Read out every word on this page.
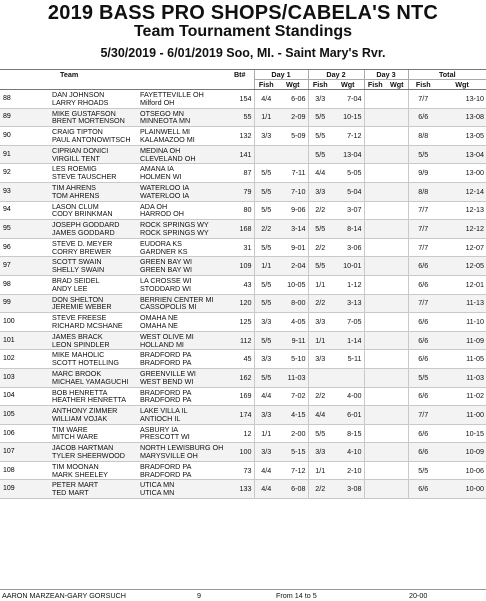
2019 BASS PRO SHOPS/CABELA'S NTC
Team Tournament Standings
5/30/2019 - 6/01/2019 Soo, MI. - Saint Mary's Rvr.
	Team		Bt#	Day 1		Day 2		Day 3		Total	
				Fish	Wgt	Fish	Wgt	Fish	Wgt	Fish	Wgt
88	DAN JOHNSON
LARRY RHOADS	FAYETTEVILLE OH
Milford OH	154	4/4	6-06	3/3	7-04			7/7	13-10
89	MIKE GUSTAFSON
BRENT MORTENSON	OTSEGO MN
MINNEOTA MN	55	1/1	2-09	5/5	10-15			6/6	13-08
90	CRAIG TIPTON
PAUL ANTONOWITSCH	PLAINWELL MI
KALAMAZOO MI	132	3/3	5-09	5/5	7-12			8/8	13-05
91	CIPRIAN DONICI
VIRGILL TENT	MEDINA OH
CLEVELAND OH	141			5/5	13-04			5/5	13-04
92	LES ROEMIG
STEVE TAUSCHER	AMANA IA
HOLMEN WI	87	5/5	7-11	4/4	5-05			9/9	13-00
93	TIM AHRENS
TOM AHRENS	WATERLOO IA
WATERLOO IA	79	5/5	7-10	3/3	5-04			8/8	12-14
94	LASON CLUM
CODY BRINKMAN	ADA OH
HARROD OH	80	5/5	9-06	2/2	3-07			7/7	12-13
95	JOSEPH GODDARD
JAMES GODDARD	ROCK SPRINGS WY
ROCK SPRINGS WY	168	2/2	3-14	5/5	8-14			7/7	12-12
96	STEVE D. MEYER
CORRY BREWER	EUDORA KS
GARDNER KS	31	5/5	9-01	2/2	3-06			7/7	12-07
97	SCOTT SWAIN
SHELLY SWAIN	GREEN BAY WI
GREEN BAY WI	109	1/1	2-04	5/5	10-01			6/6	12-05
98	BRAD SEIDEL
ANDY LEE	LA CROSSE WI
STODDARD WI	43	5/5	10-05	1/1	1-12			6/6	12-01
99	DON SHELTON
JEREMIE WEBER	BERRIEN CENTER MI
CASSOPOLIS MI	120	5/5	8-00	2/2	3-13			7/7	11-13
100	STEVE FREESE
RICHARD MCSHANE	OMAHA NE
OMAHA NE	125	3/3	4-05	3/3	7-05			6/6	11-10
101	JAMES BRACK
LEON SPINDLER	WEST OLIVE MI
HOLLAND MI	112	5/5	9-11	1/1	1-14			6/6	11-09
102	MIKE MAHOLIC
SCOTT HOTELLING	BRADFORD PA
BRADFORD PA	45	3/3	5-10	3/3	5-11			6/6	11-05
103	MARC BROOK
MICHAEL YAMAGUCHI	GREENVILLE WI
WEST BEND WI	162	5/5	11-03					5/5	11-03
104	BOB HENRETTA
HEATHER HENRETTA	BRADFORD PA
BRADFORD PA	169	4/4	7-02	2/2	4-00			6/6	11-02
105	ANTHONY ZIMMER
WILLIAM VOJAK	LAKE VILLA IL
ANTIOCH IL	174	3/3	4-15	4/4	6-01			7/7	11-00
106	TIM WARE
MITCH WARE	ASBURY IA
PRESCOTT WI	12	1/1	2-00	5/5	8-15			6/6	10-15
107	JACOB HARTMAN
TYLER SHEERWOOD	NORTH LEWISBURG OH
MARYSVILLE OH	100	3/3	5-15	3/3	4-10			6/6	10-09
108	TIM MOONAN
MARK SHEELEY	BRADFORD PA
BRADFORD PA	73	4/4	7-12	1/1	2-10			5/5	10-06
109	PETER MART
TED MART	UTICA MN
UTICA MN	133	4/4	6-08	2/2	3-08			6/6	10-00
AARON MARZEAN-GARY GORSUCH	9	From 14 to 5	20-00
